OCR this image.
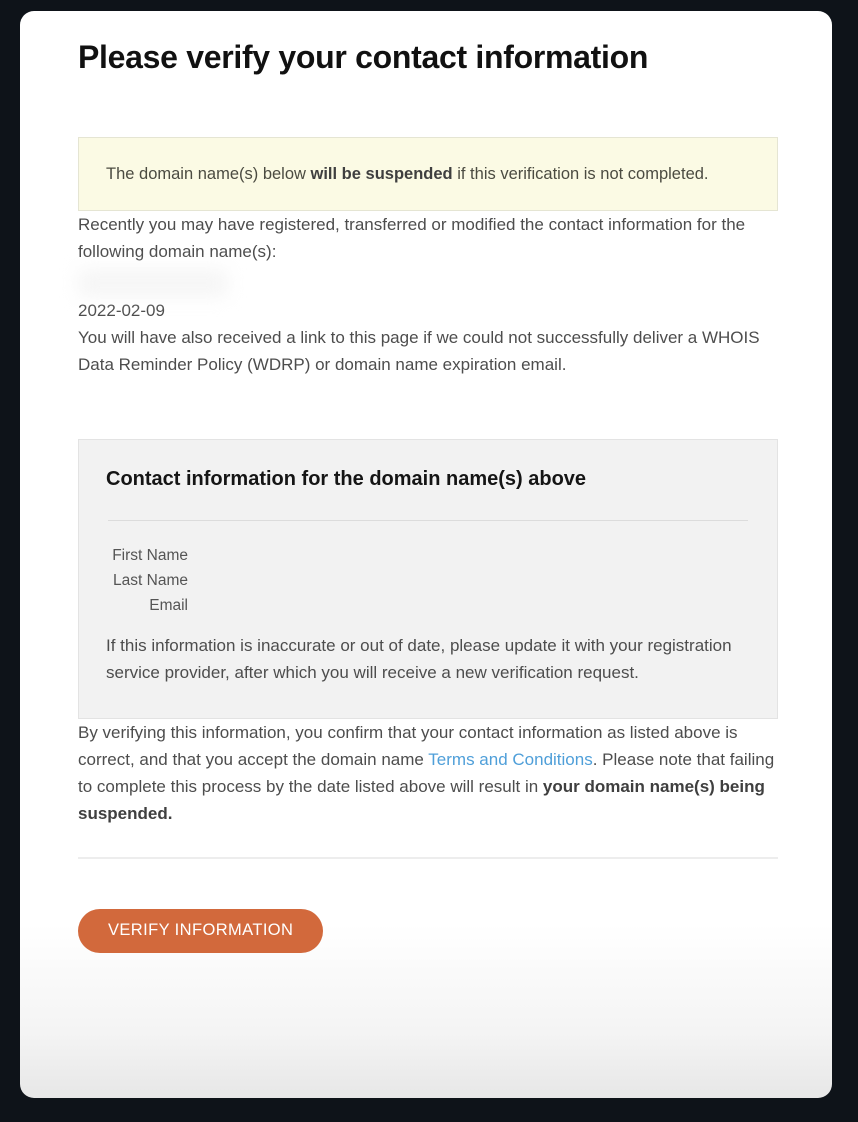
Please verify your contact information
The domain name(s) below will be suspended if this verification is not completed.

Recently you may have registered, transferred or modified the contact information for the following domain name(s):

2022-02-09

You will have also received a link to this page if we could not successfully deliver a WHOIS Data Reminder Policy (WDRP) or domain name expiration email.

Contact information for the domain name(s) above
First Name
Last Name
Email

If this information is inaccurate or out of date, please update it with your registration service provider, after which you will receive a new verification request.

By verifying this information, you confirm that your contact information as listed above is correct, and that you accept the domain name Terms and Conditions. Please note that failing to complete this process by the date listed above will result in your domain name(s) being suspended.

VERIFY INFORMATION
